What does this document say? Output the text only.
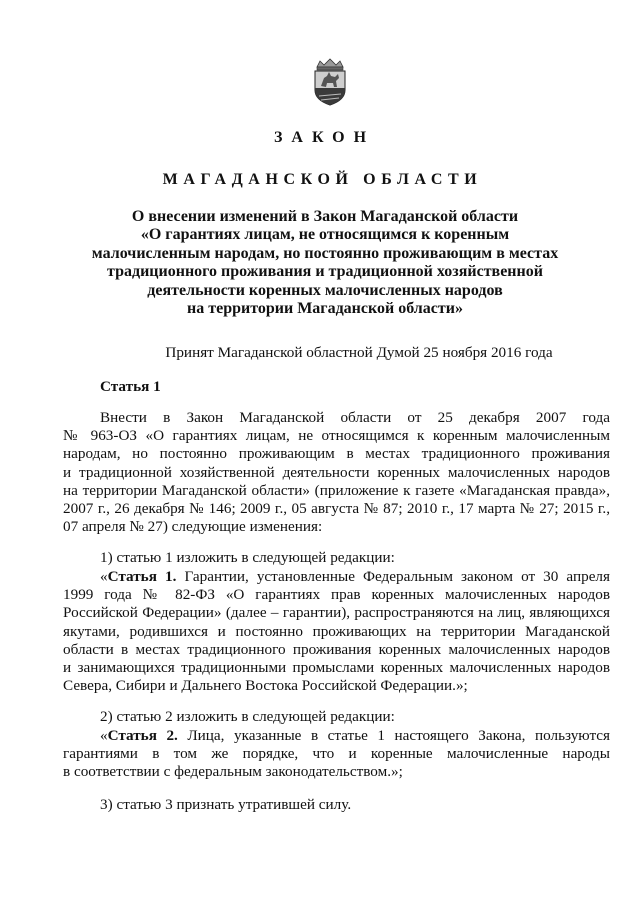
ЗАКОН
МАГАДАНСКОЙ ОБЛАСТИ
О внесении изменений в Закон Магаданской области
«О гарантиях лицам, не относящимся к коренным
малочисленным народам, но постоянно проживающим в местах
традиционного проживания и традиционной хозяйственной
деятельности коренных малочисленных народов
на территории Магаданской области»
Принят Магаданской областной Думой 25 ноября 2016 года
Статья 1
Внести в Закон Магаданской области от 25 декабря 2007 года
№ 963-ОЗ «О гарантиях лицам, не относящимся к коренным малочисленным
народам, но постоянно проживающим в местах традиционного проживания
и традиционной хозяйственной деятельности коренных малочисленных народов
на территории Магаданской области» (приложение к газете «Магаданская правда»,
2007 г., 26 декабря № 146; 2009 г., 05 августа № 87; 2010 г., 17 марта № 27; 2015 г.,
07 апреля № 27) следующие изменения:
1) статью 1 изложить в следующей редакции:
«Статья 1. Гарантии, установленные Федеральным законом от 30 апреля
1999 года № 82-ФЗ «О гарантиях прав коренных малочисленных народов
Российской Федерации» (далее – гарантии), распространяются на лиц, являющихся
якутами, родившихся и постоянно проживающих на территории Магаданской
области в местах традиционного проживания коренных малочисленных народов
и занимающихся традиционными промыслами коренных малочисленных народов
Севера, Сибири и Дальнего Востока Российской Федерации.»;
2) статью 2 изложить в следующей редакции:
«Статья 2. Лица, указанные в статье 1 настоящего Закона, пользуются
гарантиями в том же порядке, что и коренные малочисленные народы
в соответствии с федеральным законодательством.»;
3) статью 3 признать утратившей силу.
